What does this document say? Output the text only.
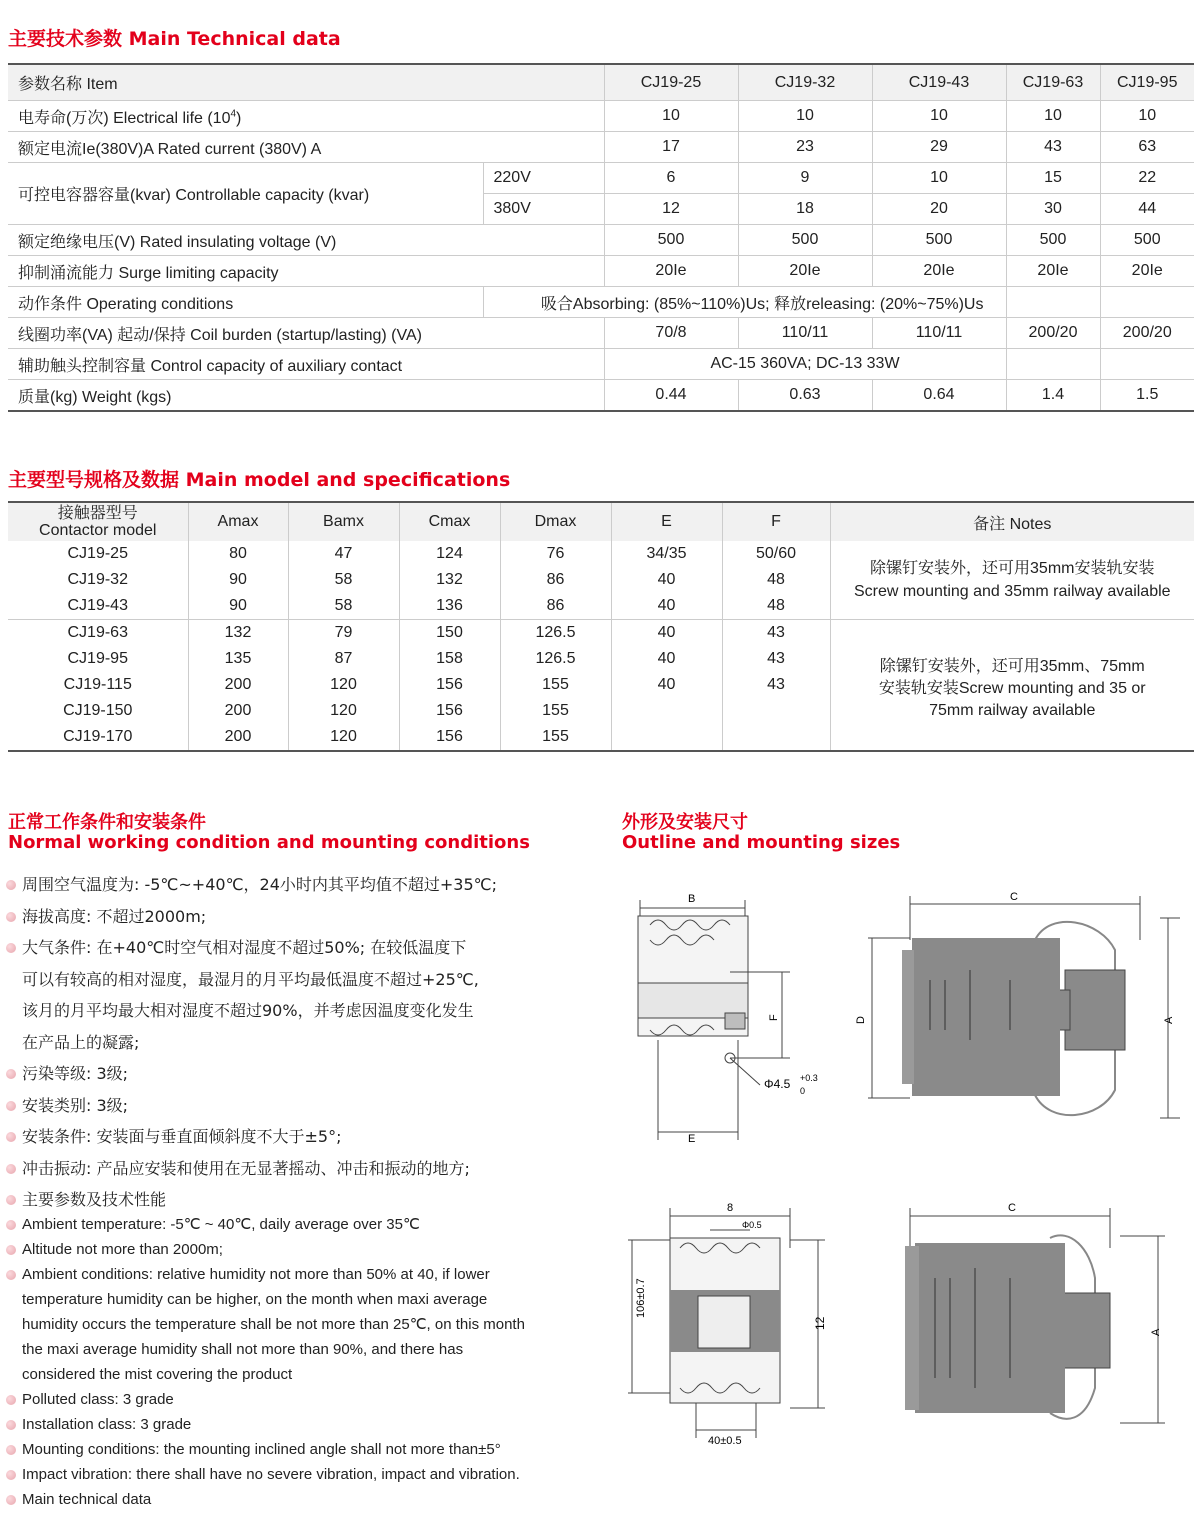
主要技术参数 Main Technical data
参数名称 Item		CJ19-25	CJ19-32	CJ19-43	CJ19-63	CJ19-95
电寿命(万次) Electrical life $(10^4)$		10	10	10	10	10
额定电流Ie(380V)A Rated current (380V) A		17	23	29	43	63
可控电容器容量(kvar) Controllable capacity (kvar)	220V	6	9	10	15	22
	380V	12	18	20	30	44
额定绝缘电压(V) Rated insulating voltage (V)		500	500	500	500	500
抑制涌流能力 Surge limiting capacity		20Ie	20Ie	20Ie	20Ie	20Ie
动作条件 Operating conditions	吸合Absorbing: (85%~110%)Us; 释放releasing: (20%~75%)Us					
线圈功率(VA) 起动/保持 Coil burden (startup/lasting) (VA)		70/8	110/11	110/11	200/20	200/20
辅助触头控制容量 Control capacity of auxiliary contact		AC-15 360VA; DC-13 33W				
质量(kg) Weight (kgs)		0.44	0.63	0.64	1.4	1.5
主要型号规格及数据 Main model and specifications
接触器型号
Contactor model	Amax	Bamx	Cmax	Dmax	E	F	备注 Notes
CJ19-25	80	47	124	76	34/35	50/60	除镙钉安装外，还可用35mm安装轨安装
Screw mounting and 35mm railway available

CJ19-32	90	58	132	86	40	48	
CJ19-43	90	58	136	86	40	48	
CJ19-63	132	79	150	126.5	40	43	除镙钉安装外，还可用35mm、75mm
安装轨安装Screw mounting and 35 or
75mm railway available

CJ19-95	135	87	158	126.5	40	43	
CJ19-115	200	120	156	155	40	43	
CJ19-150	200	120	156	155			
CJ19-170	200	120	156	155			
正常工作条件和安装条件
Normal working condition and mounting conditions
周围空气温度为: -5℃~+40℃，24小时内其平均值不超过+35℃;
海拔高度: 不超过2000m;
大气条件: 在+40℃时空气相对湿度不超过50%; 在较低温度下
可以有较高的相对湿度，最湿月的月平均最低温度不超过+25℃,
该月的月平均最大相对湿度不超过90%，并考虑因温度变化发生
在产品上的凝露;
污染等级: 3级;
安装类别: 3级;
安装条件: 安装面与垂直面倾斜度不大于±5°;
冲击振动: 产品应安装和使用在无显著摇动、冲击和振动的地方;
主要参数及技术性能
Ambient temperature: -5℃ ~ 40℃, daily average over 35℃
Altitude not more than 2000m;
Ambient conditions: relative humidity not more than 50% at 40, if lower
temperature humidity can be higher, on the month when maxi average
humidity occurs the temperature shall be not more than 25℃, on this month
the maxi average humidity shall not more than 90%, and there has
considered the mist covering the product
Polluted class: 3 grade
Installation class: 3 grade
Mounting conditions: the mounting inclined angle shall not more than±5°
Impact vibration: there shall have no severe vibration, impact and vibration.
Main technical data
外形及安装尺寸
Outline and mounting sizes
B
E
F
Φ4.5 +0.3
0
C
D	A
8
Φ0.5
106±0.7
12
40±0.5
C
A
